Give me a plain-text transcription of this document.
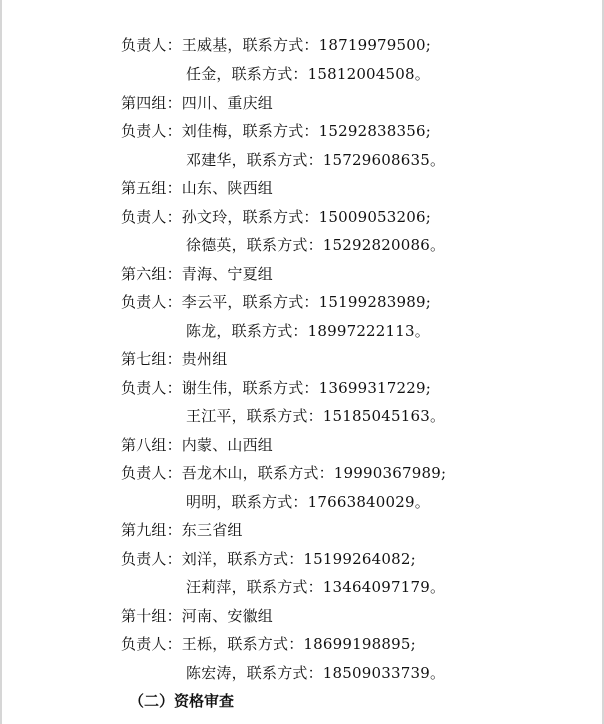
负责人：王威基，联系方式：18719979500;
任金，联系方式：15812004508。
第四组：四川、重庆组
负责人：刘佳梅，联系方式：15292838356;
邓建华，联系方式：15729608635。
第五组：山东、陕西组
负责人：孙文玲，联系方式：15009053206;
徐德英，联系方式：15292820086。
第六组：青海、宁夏组
负责人：李云平，联系方式：15199283989;
陈龙，联系方式：18997222113。
第七组：贵州组
负责人：谢生伟，联系方式：13699317229;
王江平，联系方式：15185045163。
第八组：内蒙、山西组
负责人：吾龙木山，联系方式：19990367989;
明明，联系方式：17663840029。
第九组：东三省组
负责人：刘洋，联系方式：15199264082;
汪莉萍，联系方式：13464097179。
第十组：河南、安徽组
负责人：王栎，联系方式：18699198895;
陈宏涛，联系方式：18509033739。
（二）资格审查
